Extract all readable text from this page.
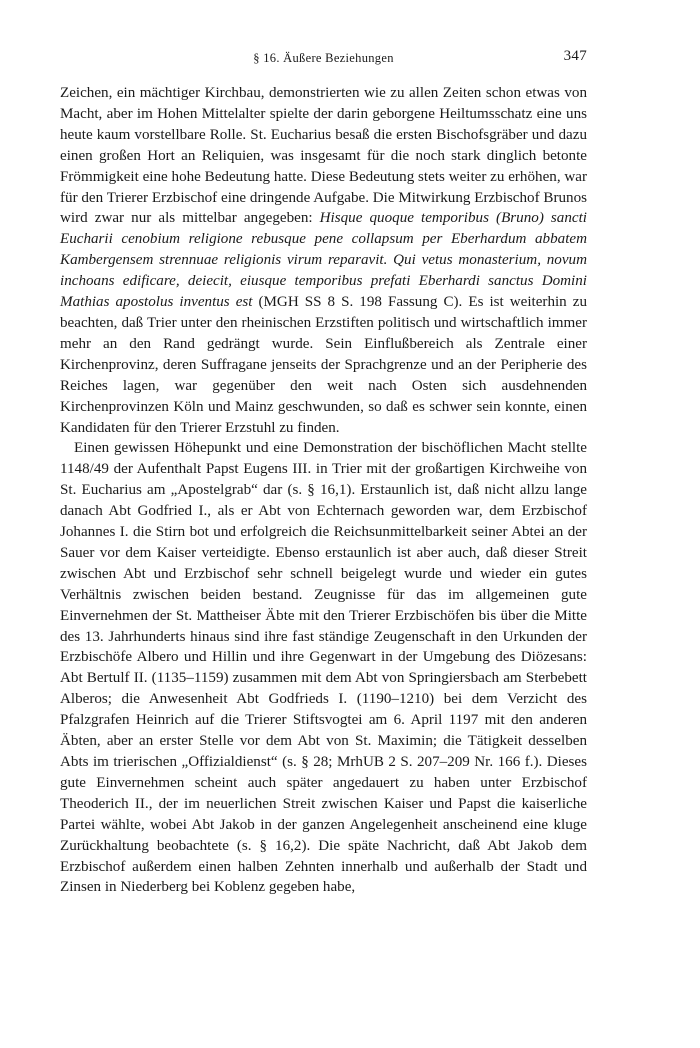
§ 16. Äußere Beziehungen	347

Zeichen, ein mächtiger Kirchbau, demonstrierten wie zu allen Zeiten schon etwas von Macht, aber im Hohen Mittelalter spielte der darin geborgene Heiltumsschatz eine uns heute kaum vorstellbare Rolle. St. Eucharius besaß die ersten Bischofsgräber und dazu einen großen Hort an Reliquien, was insgesamt für die noch stark dinglich betonte Frömmigkeit eine hohe Bedeutung hatte. Diese Bedeutung stets weiter zu erhöhen, war für den Trierer Erzbischof eine dringende Aufgabe. Die Mitwirkung Erzbischof Brunos wird zwar nur als mittelbar angegeben: Hisque quoque temporibus (Bruno) sancti Eucharii cenobium religione rebusque pene collapsum per Eberhardum abbatem Kambergensem strennuae religionis virum reparavit. Qui vetus monasterium, novum inchoans edificare, deiecit, eiusque temporibus prefati Eberhardi sanctus Domini Mathias apostolus inventus est (MGH SS 8 S. 198 Fassung C). Es ist weiterhin zu beachten, daß Trier unter den rheinischen Erzstiften politisch und wirtschaftlich immer mehr an den Rand gedrängt wurde. Sein Einflußbereich als Zentrale einer Kirchenprovinz, deren Suffragane jenseits der Sprachgrenze und an der Peripherie des Reiches lagen, war gegenüber den weit nach Osten sich ausdehnenden Kirchenprovinzen Köln und Mainz geschwunden, so daß es schwer sein konnte, einen Kandidaten für den Trierer Erzstuhl zu finden.

Einen gewissen Höhepunkt und eine Demonstration der bischöflichen Macht stellte 1148/49 der Aufenthalt Papst Eugens III. in Trier mit der großartigen Kirchweihe von St. Eucharius am „Apostelgrab“ dar (s. § 16,1). Erstaunlich ist, daß nicht allzu lange danach Abt Godfried I., als er Abt von Echternach geworden war, dem Erzbischof Johannes I. die Stirn bot und erfolgreich die Reichsunmittelbarkeit seiner Abtei an der Sauer vor dem Kaiser verteidigte. Ebenso erstaunlich ist aber auch, daß dieser Streit zwischen Abt und Erzbischof sehr schnell beigelegt wurde und wieder ein gutes Verhältnis zwischen beiden bestand. Zeugnisse für das im allgemeinen gute Einvernehmen der St. Mattheiser Äbte mit den Trierer Erzbischöfen bis über die Mitte des 13. Jahrhunderts hinaus sind ihre fast ständige Zeugenschaft in den Urkunden der Erzbischöfe Albero und Hillin und ihre Gegenwart in der Umgebung des Diözesans: Abt Bertulf II. (1135–1159) zusammen mit dem Abt von Springiersbach am Sterbebett Alberos; die Anwesenheit Abt Godfrieds I. (1190–1210) bei dem Verzicht des Pfalzgrafen Heinrich auf die Trierer Stiftsvogtei am 6. April 1197 mit den anderen Äbten, aber an erster Stelle vor dem Abt von St. Maximin; die Tätigkeit desselben Abts im trierischen „Offizialdienst“ (s. § 28; MrhUB 2 S. 207–209 Nr. 166 f.). Dieses gute Einvernehmen scheint auch später angedauert zu haben unter Erzbischof Theoderich II., der im neuerlichen Streit zwischen Kaiser und Papst die kaiserliche Partei wählte, wobei Abt Jakob in der ganzen Angelegenheit anscheinend eine kluge Zurückhaltung beobachtete (s. § 16,2). Die späte Nachricht, daß Abt Jakob dem Erzbischof außerdem einen halben Zehnten innerhalb und außerhalb der Stadt und Zinsen in Niederberg bei Koblenz gegeben habe,
